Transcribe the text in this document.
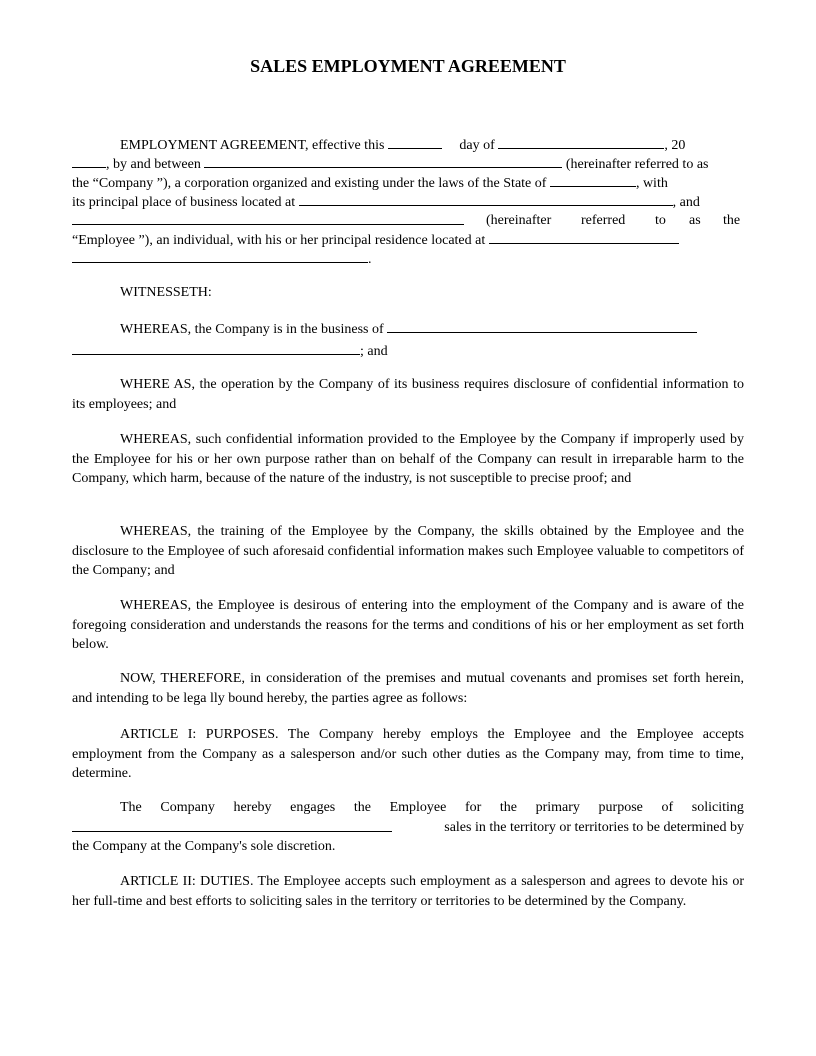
SALES EMPLOYMENT AGREEMENT
EMPLOYMENT AGREEMENT, effective this	day of	, 20
, by and between	(hereinafter referred to as
the “Company ”), a corporation organized and existing under the laws of the State of	, with
its principal place of business located at	, and
(hereinafter referred to as the
“Employee ”), an individual, with his or her principal residence located at
.
WITNESSETH:
WHEREAS, the Company is in the business of
; and

WHERE AS, the operation by the Company of its business requires disclosure of confidential information to its employees; and

WHEREAS, such confidential information provided to the Employee by the Company if improperly used by the Employee for his or her own purpose rather than on behalf of the Company can result in irreparable harm to the Company, which harm, because of the nature of the industry, is not susceptible to precise proof; and

WHEREAS, the training of the Employee by the Company, the skills obtained by the Employee and the disclosure to the Employee of such aforesaid confidential information makes such Employee valuable to competitors of the Company; and

WHEREAS, the Employee is desirous of entering into the employment of the Company and is aware of the foregoing consideration and understands the reasons for the terms and conditions of his or her employment as set forth below.

NOW, THEREFORE, in consideration of the premises and mutual covenants and promises set forth herein, and intending to be lega lly bound hereby, the parties agree as follows:

ARTICLE I: PURPOSES. The Company hereby employs the Employee and the Employee accepts employment from the Company as a salesperson and/or such other duties as the Company may, from time to time, determine.

The Company hereby engages the Employee for the primary purpose of soliciting
sales in the territory or territories to be determined by
the Company at the Company's sole discretion.

ARTICLE II: DUTIES. The Employee accepts such employment as a salesperson and agrees to devote his or her full-time and best efforts to soliciting sales in the territory or territories to be determined by the Company.
